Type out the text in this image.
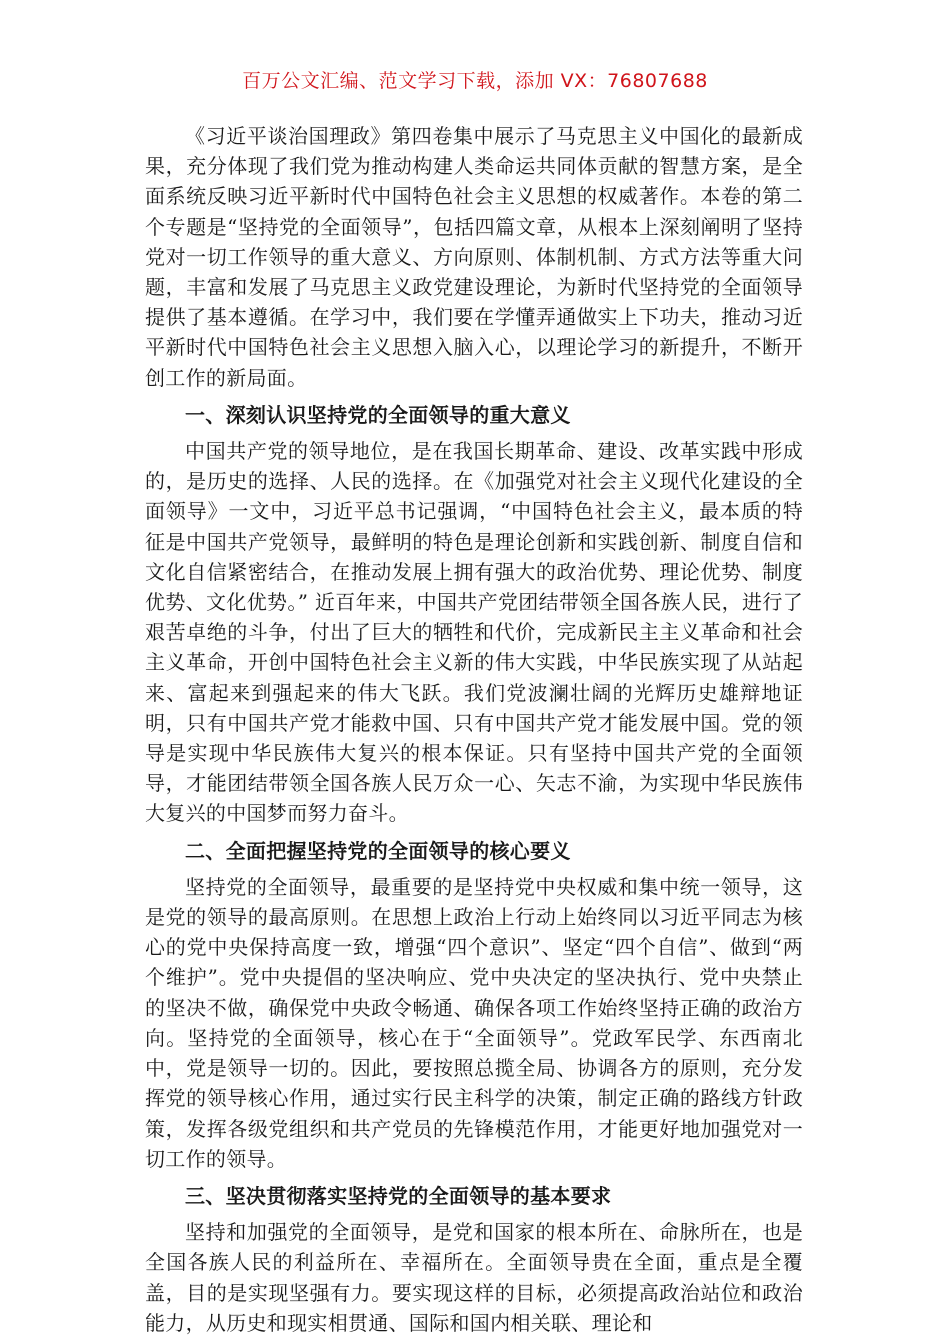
百万公文汇编、范文学习下载，添加 VX：76807688

《习近平谈治国理政》第四卷集中展示了马克思主义中国化的最新成果，充分体现了我们党为推动构建人类命运共同体贡献的智慧方案，是全面系统反映习近平新时代中国特色社会主义思想的权威著作。本卷的第二个专题是“坚持党的全面领导”，包括四篇文章，从根本上深刻阐明了坚持党对一切工作领导的重大意义、方向原则、体制机制、方式方法等重大问题，丰富和发展了马克思主义政党建设理论，为新时代坚持党的全面领导提供了基本遵循。在学习中，我们要在学懂弄通做实上下功夫，推动习近平新时代中国特色社会主义思想入脑入心，以理论学习的新提升，不断开创工作的新局面。

一、深刻认识坚持党的全面领导的重大意义

中国共产党的领导地位，是在我国长期革命、建设、改革实践中形成的，是历史的选择、人民的选择。在《加强党对社会主义现代化建设的全面领导》一文中，习近平总书记强调，“中国特色社会主义，最本质的特征是中国共产党领导，最鲜明的特色是理论创新和实践创新、制度自信和文化自信紧密结合，在推动发展上拥有强大的政治优势、理论优势、制度优势、文化优势。” 近百年来，中国共产党团结带领全国各族人民，进行了艰苦卓绝的斗争，付出了巨大的牺牲和代价，完成新民主主义革命和社会主义革命，开创中国特色社会主义新的伟大实践，中华民族实现了从站起来、富起来到强起来的伟大飞跃。我们党波澜壮阔的光辉历史雄辩地证明，只有中国共产党才能救中国、只有中国共产党才能发展中国。党的领导是实现中华民族伟大复兴的根本保证。只有坚持中国共产党的全面领导，才能团结带领全国各族人民万众一心、矢志不渝，为实现中华民族伟大复兴的中国梦而努力奋斗。

二、全面把握坚持党的全面领导的核心要义

坚持党的全面领导，最重要的是坚持党中央权威和集中统一领导，这是党的领导的最高原则。在思想上政治上行动上始终同以习近平同志为核心的党中央保持高度一致，增强“四个意识”、坚定“四个自信”、做到“两个维护”。党中央提倡的坚决响应、党中央决定的坚决执行、党中央禁止的坚决不做，确保党中央政令畅通、确保各项工作始终坚持正确的政治方向。坚持党的全面领导，核心在于“全面领导”。党政军民学、东西南北中，党是领导一切的。因此，要按照总揽全局、协调各方的原则，充分发挥党的领导核心作用，通过实行民主科学的决策，制定正确的路线方针政策，发挥各级党组织和共产党员的先锋模范作用，才能更好地加强党对一切工作的领导。

三、坚决贯彻落实坚持党的全面领导的基本要求

坚持和加强党的全面领导，是党和国家的根本所在、命脉所在，也是全国各族人民的利益所在、幸福所在。全面领导贵在全面，重点是全覆盖，目的是实现坚强有力。要实现这样的目标，必须提高政治站位和政治能力，从历史和现实相贯通、国际和国内相关联、理论和
